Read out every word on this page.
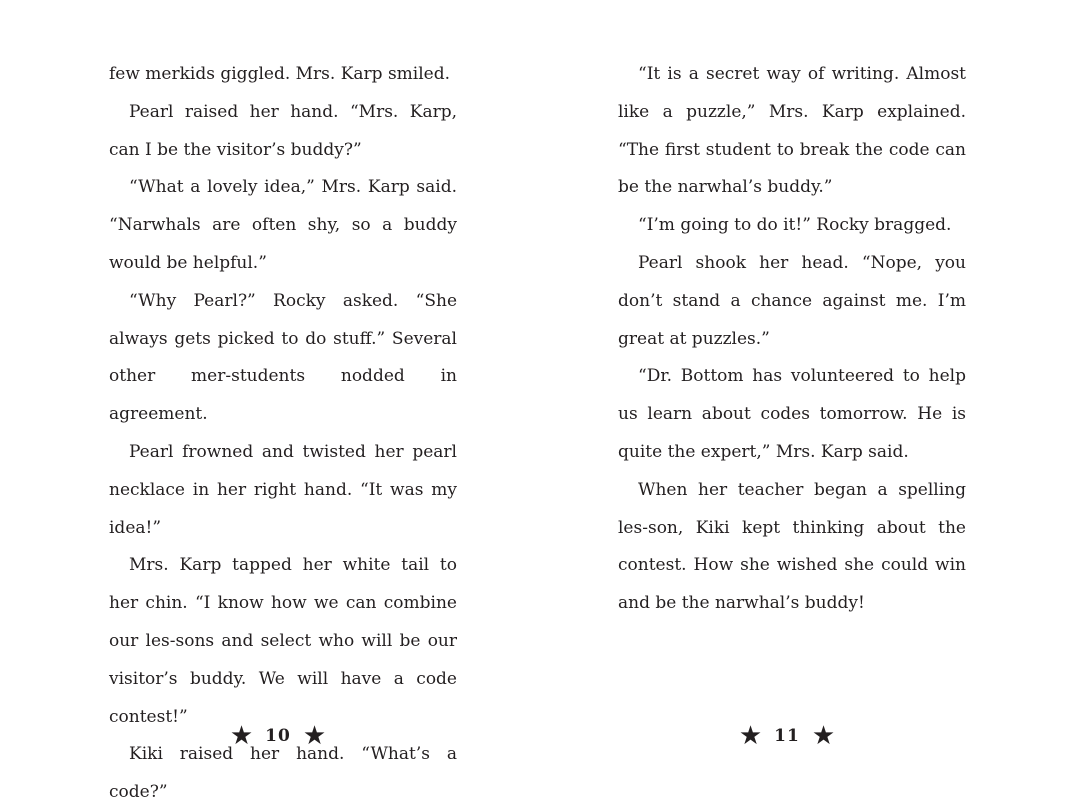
few merkids giggled. Mrs. Karp smiled.

Pearl raised her hand. “Mrs. Karp, can I be the visitor’s buddy?”

“What a lovely idea,” Mrs. Karp said. “Narwhals are often shy, so a buddy would be helpful.”

“Why Pearl?” Rocky asked. “She always gets picked to do stuff.” Several other mer-students nodded in agreement.

Pearl frowned and twisted her pearl necklace in her right hand. “It was my idea!”

Mrs. Karp tapped her white tail to her chin. “I know how we can combine our les-sons and select who will be our visitor’s buddy. We will have a code contest!”

Kiki raised her hand. “What’s a code?”

★ 10 ★

“It is a secret way of writing. Almost like a puzzle,” Mrs. Karp explained. “The first student to break the code can be the narwhal’s buddy.”

“I’m going to do it!” Rocky bragged.

Pearl shook her head. “Nope, you don’t stand a chance against me. I’m great at puzzles.”

“Dr. Bottom has volunteered to help us learn about codes tomorrow. He is quite the expert,” Mrs. Karp said.

When her teacher began a spelling les-son, Kiki kept thinking about the contest. How she wished she could win and be the narwhal’s buddy!

★ 11 ★
